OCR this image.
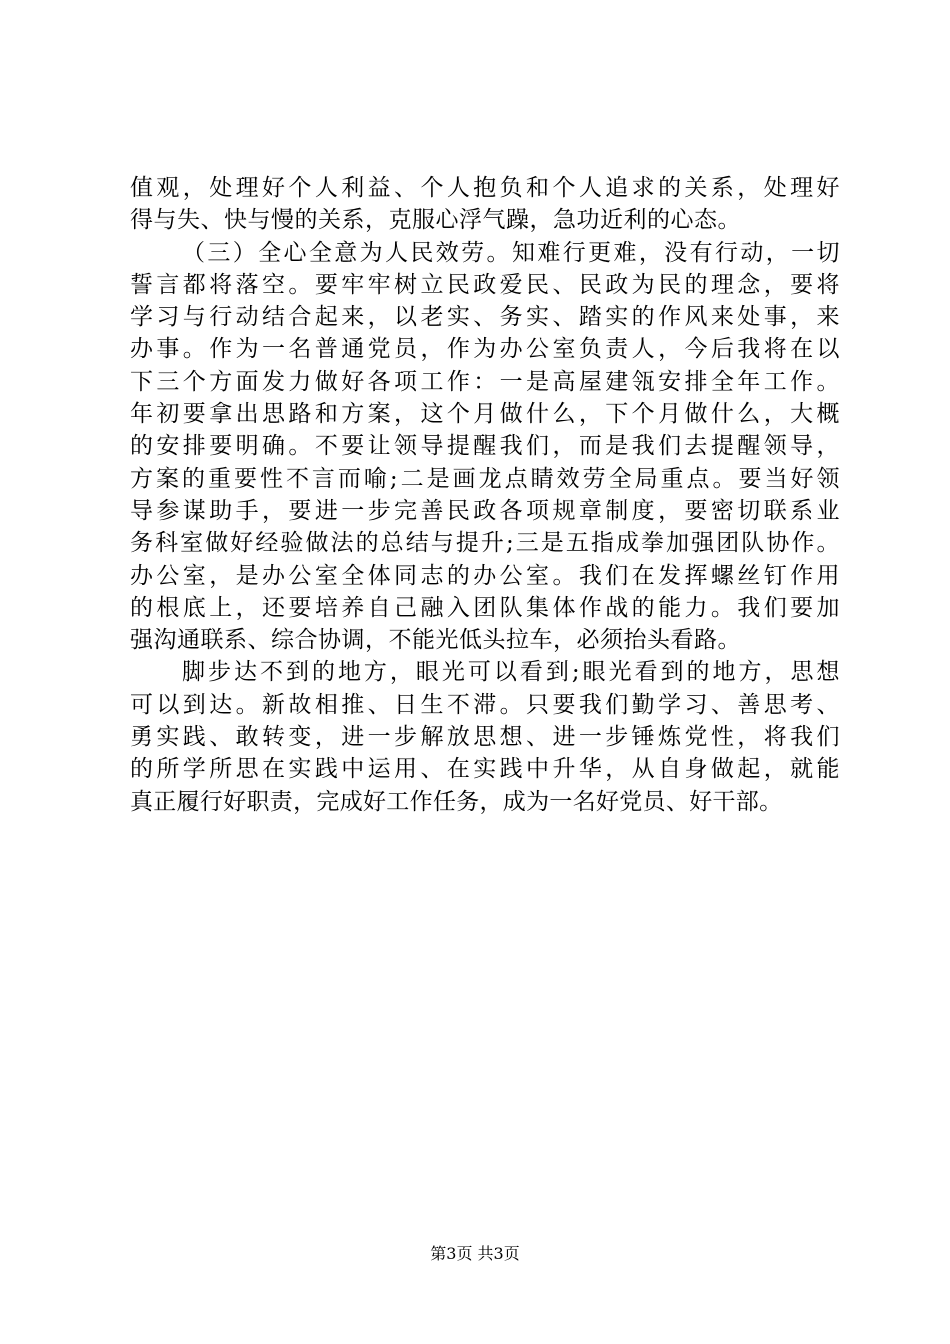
值观，处理好个人利益、个人抱负和个人追求的关系，处理好
得与失、快与慢的关系，克服心浮气躁，急功近利的心态。
（三）全心全意为人民效劳。知难行更难，没有行动，一切
誓言都将落空。要牢牢树立民政爱民、民政为民的理念，要将
学习与行动结合起来，以老实、务实、踏实的作风来处事，来
办事。作为一名普通党员，作为办公室负责人，今后我将在以
下三个方面发力做好各项工作：一是高屋建瓴安排全年工作。
年初要拿出思路和方案，这个月做什么，下个月做什么，大概
的安排要明确。不要让领导提醒我们，而是我们去提醒领导，
方案的重要性不言而喻;二是画龙点睛效劳全局重点。要当好领
导参谋助手，要进一步完善民政各项规章制度，要密切联系业
务科室做好经验做法的总结与提升;三是五指成拳加强团队协作。
办公室，是办公室全体同志的办公室。我们在发挥螺丝钉作用
的根底上，还要培养自己融入团队集体作战的能力。我们要加
强沟通联系、综合协调，不能光低头拉车，必须抬头看路。
脚步达不到的地方，眼光可以看到;眼光看到的地方，思想
可以到达。新故相推、日生不滞。只要我们勤学习、善思考、
勇实践、敢转变，进一步解放思想、进一步锤炼党性，将我们
的所学所思在实践中运用、在实践中升华，从自身做起，就能
真正履行好职责，完成好工作任务，成为一名好党员、好干部。
第3页 共3页
